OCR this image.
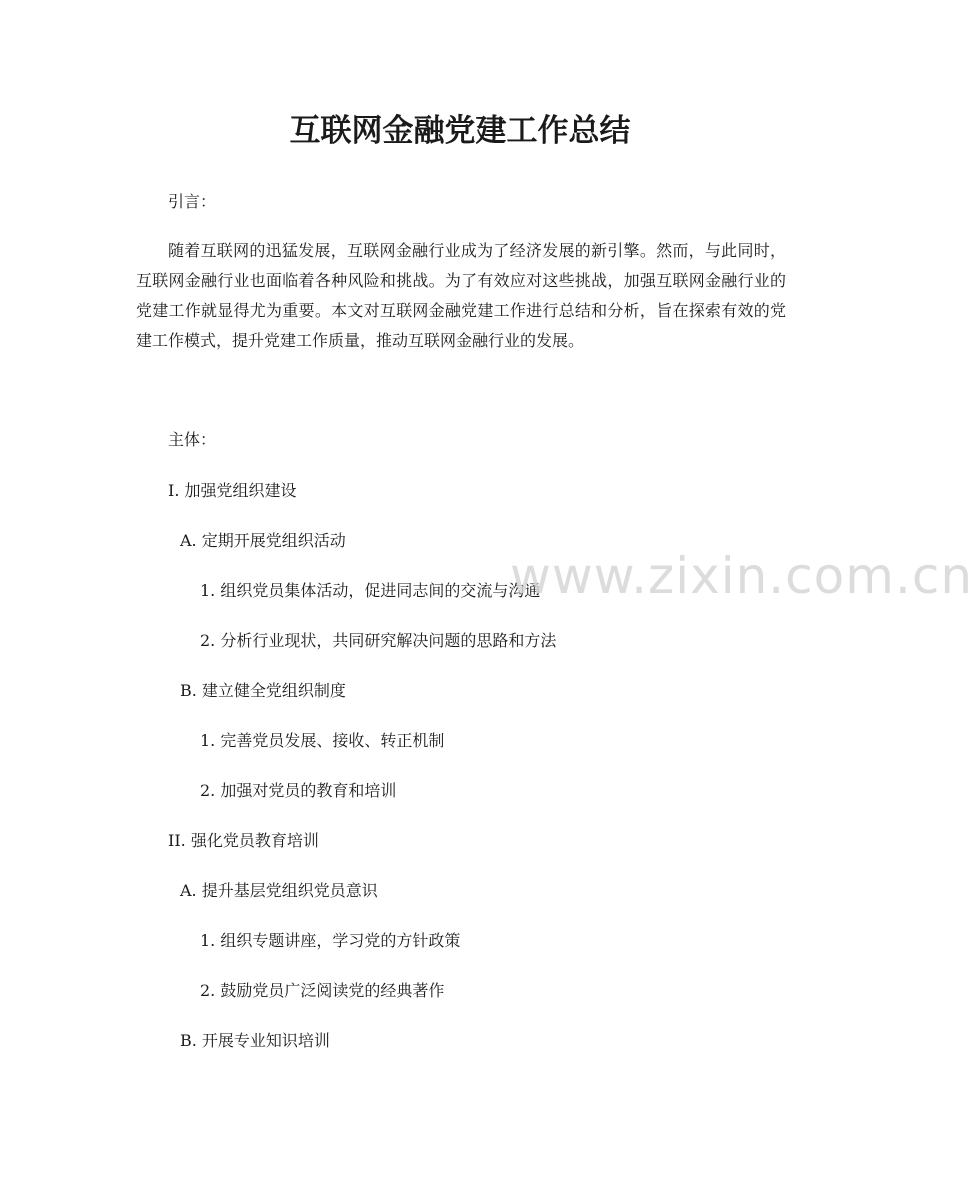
互联网金融党建工作总结

引言：

随着互联网的迅猛发展，互联网金融行业成为了经济发展的新引擎。然而，与此同时，互联网金融行业也面临着各种风险和挑战。为了有效应对这些挑战，加强互联网金融行业的党建工作就显得尤为重要。本文对互联网金融党建工作进行总结和分析，旨在探索有效的党建工作模式，提升党建工作质量，推动互联网金融行业的发展。

主体：

I. 加强党组织建设

A. 定期开展党组织活动

1. 组织党员集体活动，促进同志间的交流与沟通

2. 分析行业现状，共同研究解决问题的思路和方法

B. 建立健全党组织制度

1. 完善党员发展、接收、转正机制

2. 加强对党员的教育和培训

II. 强化党员教育培训

A. 提升基层党组织党员意识

1. 组织专题讲座，学习党的方针政策

2. 鼓励党员广泛阅读党的经典著作

B. 开展专业知识培训

www.zixin.com.cn
